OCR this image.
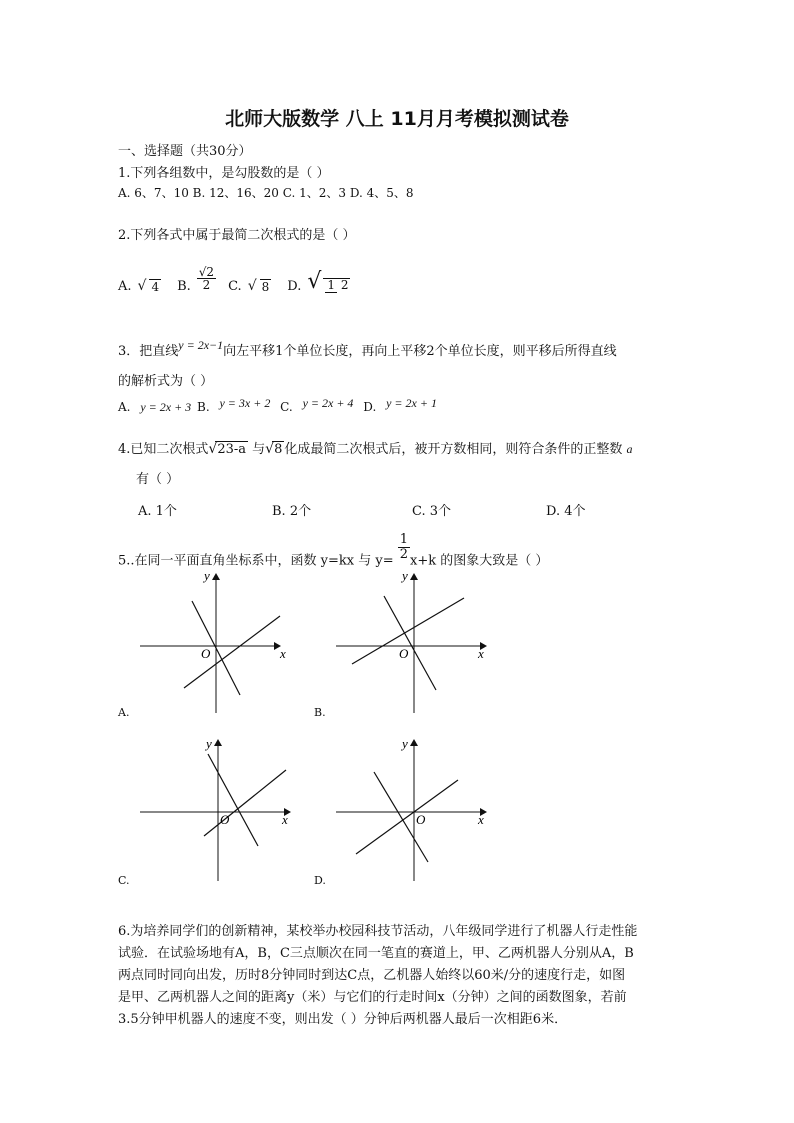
北师大版数学 八上 11月月考模拟测试卷
一、选择题（共30分）
1.下列各组数中，是勾股数的是（ ）
A. 6、7、10 B. 12、16、20 C. 1、2、3 D. 4、5、8
2.下列各式中属于最简二次根式的是（ ）
A. √ 4 B. $\frac{√2}{2} C$. √ 8 D. √ 1 2
3．把直线y = 2x−1向左平移1个单位长度，再向上平移2个单位长度，则平移后所得直线
的解析式为（ ）
A. y = 2x + 3 B. y = 3x + 2 C. y = 2x + 4 D. y = 2x + 1
4.已知二次根式√23-a 与√8 化成最简二次根式后，被开方数相同，则符合条件的正整数 a
有（ ）
A. 1个	B. 2个	C. 3个	D. 4个
5..在同一平面直角坐标系中，函数 y=kx 与 $y= \frac{1}{2} x+k$ 的图象大致是（ ）
y
x
O
A.
y
x
O
B.
y
x
O
C.
y
x
O
D.
6.为培养同学们的创新精神，某校举办校园科技节活动，八年级同学进行了机器人行走性能
试验．在试验场地有A，B，C三点顺次在同一笔直的赛道上，甲、乙两机器人分别从A，B
两点同时同向出发，历时8分钟同时到达C点，乙机器人始终以60米/分的速度行走，如图
是甲、乙两机器人之间的距离y（米）与它们的行走时间x（分钟）之间的函数图象，若前
3.5分钟甲机器人的速度不变，则出发（ ）分钟后两机器人最后一次相距6米．
